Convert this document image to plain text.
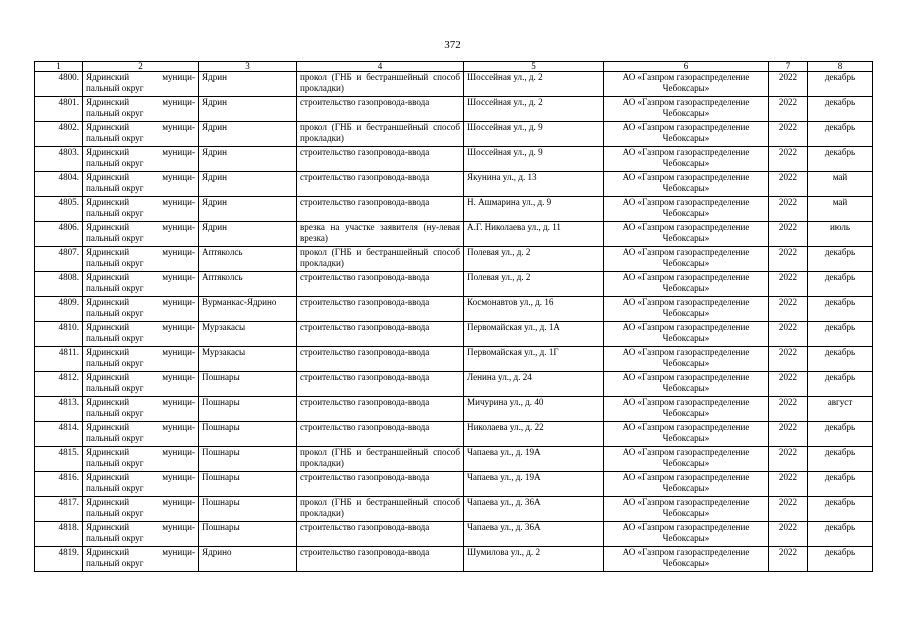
372
1	2	3	4	5	6	7	8
4800.	Ядринский муници-пальный округ	Ядрин	прокол (ГНБ и бестраншейный способ прокладки)	Шоссейная ул., д. 2	АО «Газпром газораспределение Чебоксары»	2022	декабрь
4801.	Ядринский муници-пальный округ	Ядрин	строительство газопровода-ввода	Шоссейная ул., д. 2	АО «Газпром газораспределение Чебоксары»	2022	декабрь
4802.	Ядринский муници-пальный округ	Ядрин	прокол (ГНБ и бестраншейный способ прокладки)	Шоссейная ул., д. 9	АО «Газпром газораспределение Чебоксары»	2022	декабрь
4803.	Ядринский муници-пальный округ	Ядрин	строительство газопровода-ввода	Шоссейная ул., д. 9	АО «Газпром газораспределение Чебоксары»	2022	декабрь
4804.	Ядринский муници-пальный округ	Ядрин	строительство газопровода-ввода	Якунина ул., д. 13	АО «Газпром газораспределение Чебоксары»	2022	май
4805.	Ядринский муници-пальный округ	Ядрин	строительство газопровода-ввода	Н. Ашмарина ул., д. 9	АО «Газпром газораспределение Чебоксары»	2022	май
4806.	Ядринский муници-пальный округ	Ядрин	врезка на участке заявителя (ну-левая врезка)	А.Г. Николаева ул., д. 11	АО «Газпром газораспределение Чебоксары»	2022	июль
4807.	Ядринский муници-пальный округ	Аптяколсь	прокол (ГНБ и бестраншейный способ прокладки)	Полевая ул., д. 2	АО «Газпром газораспределение Чебоксары»	2022	декабрь
4808.	Ядринский муници-пальный округ	Аптяколсь	строительство газопровода-ввода	Полевая ул., д. 2	АО «Газпром газораспределение Чебоксары»	2022	декабрь
4809.	Ядринский муници-пальный округ	Вурманкас-Ядрино	строительство газопровода-ввода	Космонавтов ул., д. 16	АО «Газпром газораспределение Чебоксары»	2022	декабрь
4810.	Ядринский муници-пальный округ	Мурзакасы	строительство газопровода-ввода	Первомайская ул., д. 1А	АО «Газпром газораспределение Чебоксары»	2022	декабрь
4811.	Ядринский муници-пальный округ	Мурзакасы	строительство газопровода-ввода	Первомайская ул., д. 1Г	АО «Газпром газораспределение Чебоксары»	2022	декабрь
4812.	Ядринский муници-пальный округ	Пошнары	строительство газопровода-ввода	Ленина ул., д. 24	АО «Газпром газораспределение Чебоксары»	2022	декабрь
4813.	Ядринский муници-пальный округ	Пошнары	строительство газопровода-ввода	Мичурина ул., д. 40	АО «Газпром газораспределение Чебоксары»	2022	август
4814.	Ядринский муници-пальный округ	Пошнары	строительство газопровода-ввода	Николаева ул., д. 22	АО «Газпром газораспределение Чебоксары»	2022	декабрь
4815.	Ядринский муници-пальный округ	Пошнары	прокол (ГНБ и бестраншейный способ прокладки)	Чапаева ул., д. 19А	АО «Газпром газораспределение Чебоксары»	2022	декабрь
4816.	Ядринский муници-пальный округ	Пошнары	строительство газопровода-ввода	Чапаева ул., д. 19А	АО «Газпром газораспределение Чебоксары»	2022	декабрь
4817.	Ядринский муници-пальный округ	Пошнары	прокол (ГНБ и бестраншейный способ прокладки)	Чапаева ул., д. 36А	АО «Газпром газораспределение Чебоксары»	2022	декабрь
4818.	Ядринский муници-пальный округ	Пошнары	строительство газопровода-ввода	Чапаева ул., д. 36А	АО «Газпром газораспределение Чебоксары»	2022	декабрь
4819.	Ядринский муници-пальный округ	Ядрино	строительство газопровода-ввода	Шумилова ул., д. 2	АО «Газпром газораспределение Чебоксары»	2022	декабрь
